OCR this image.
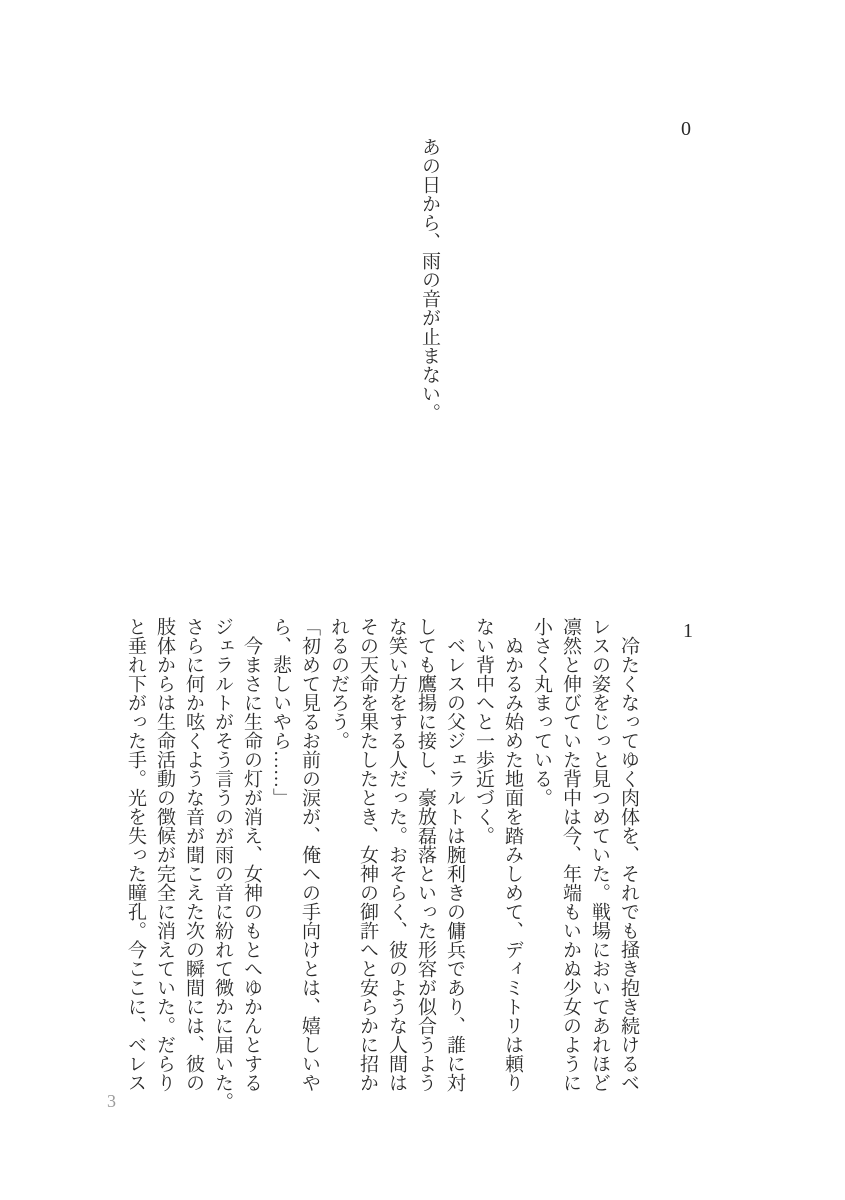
0
　あの日から、雨の音が止まない。
1
　冷たくなってゆく肉体を、それでも掻き抱き続けるベ
レスの姿をじっと見つめていた。戦場においてあれほど
凛然と伸びていた背中は今、年端もいかぬ少女のように
小さく丸まっている。
　ぬかるみ始めた地面を踏みしめて、ディミトリは頼り
ない背中へと一歩近づく。
　ベレスの父ジェラルトは腕利きの傭兵であり、誰に対
しても鷹揚に接し、豪放磊落といった形容が似合うよう
な笑い方をする人だった。おそらく、彼のような人間は
その天命を果たしたとき、女神の御許へと安らかに招か
れるのだろう。
「初めて見るお前の涙が、俺への手向けとは、嬉しいや
ら、悲しいやら……」
　今まさに生命の灯が消え、女神のもとへゆかんとする
ジェラルトがそう言うのが雨の音に紛れて微かに届いた。
さらに何か呟くような音が聞こえた次の瞬間には、彼の
肢体からは生命活動の徴候が完全に消えていた。だらり
と垂れ下がった手。光を失った瞳孔。今ここに、ベレス
3
